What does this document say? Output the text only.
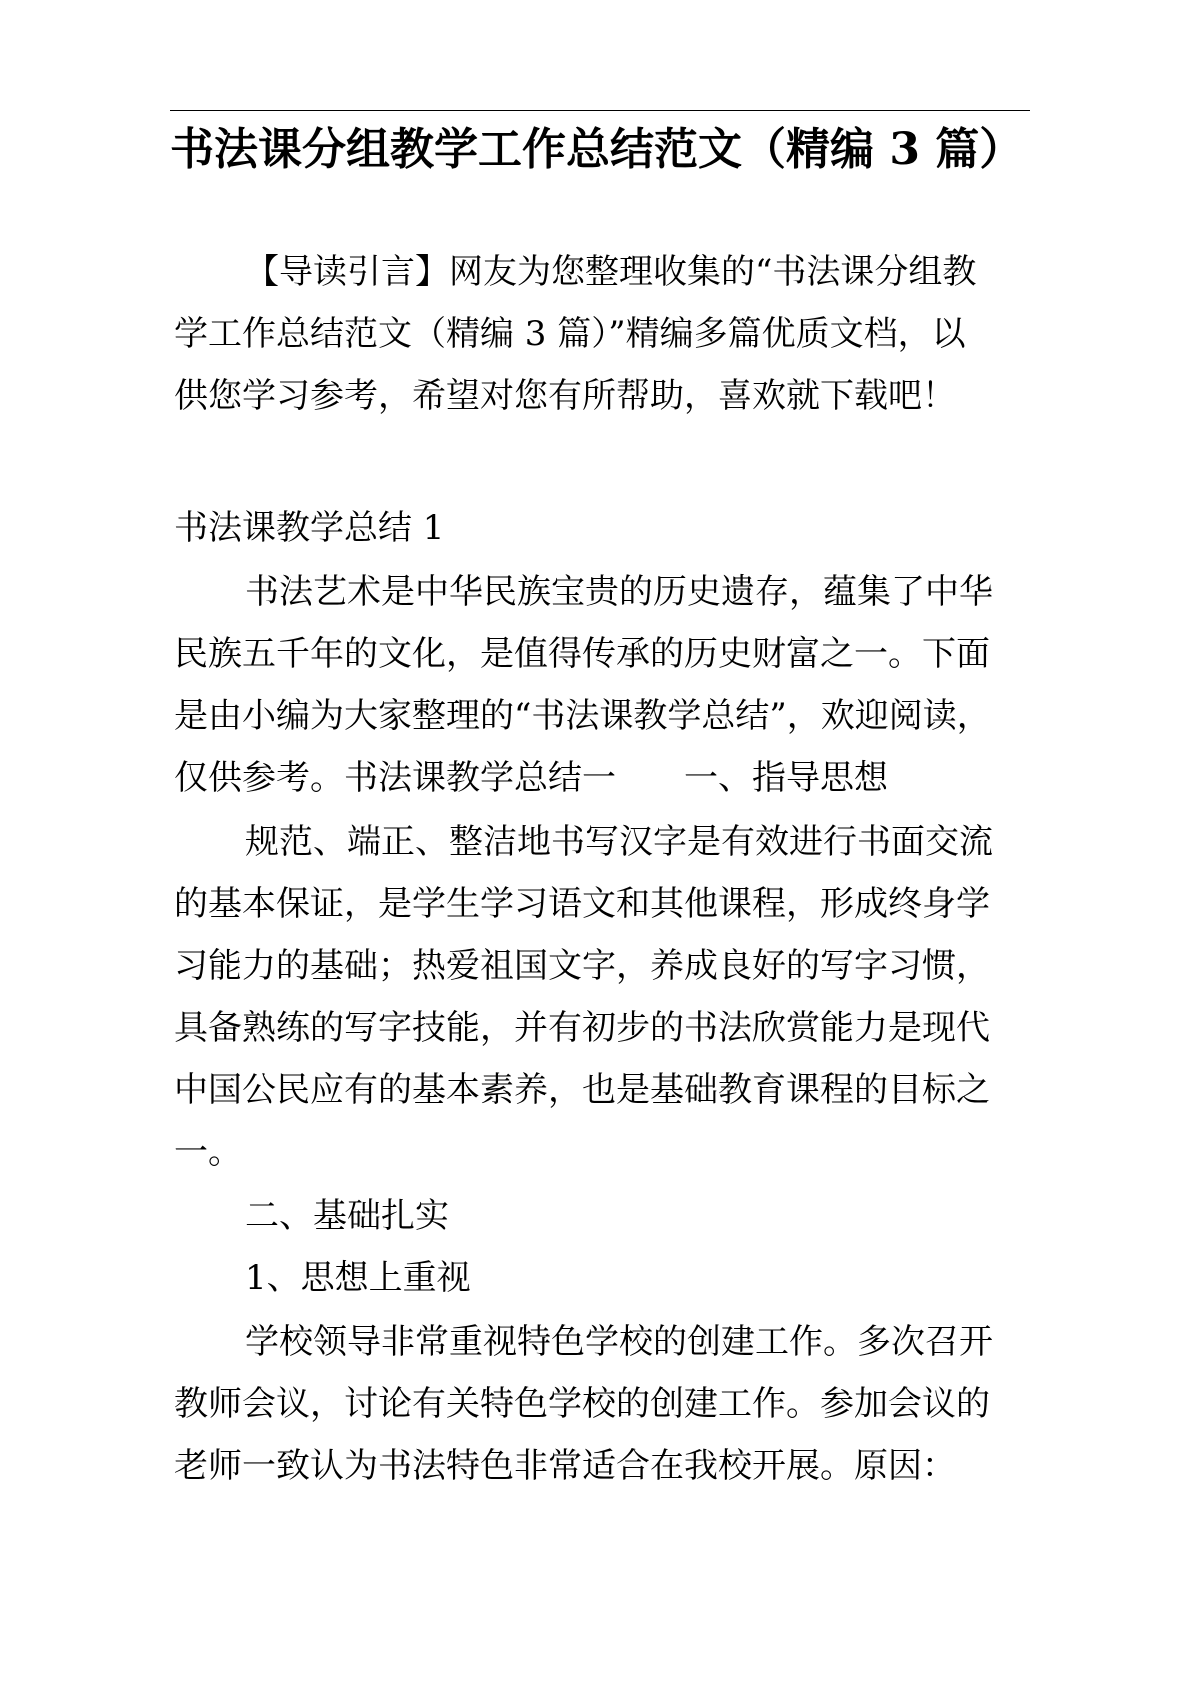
书法课分组教学工作总结范文（精编 3 篇）
【导读引言】网友为您整理收集的“书法课分组教
学工作总结范文（精编 3 篇）”精编多篇优质文档，以
供您学习参考，希望对您有所帮助，喜欢就下载吧！
书法课教学总结 1
书法艺术是中华民族宝贵的历史遗存，蕴集了中华
民族五千年的文化，是值得传承的历史财富之一。下面
是由小编为大家整理的“书法课教学总结”，欢迎阅读，
仅供参考。书法课教学总结一　　一、指导思想
规范、端正、整洁地书写汉字是有效进行书面交流
的基本保证，是学生学习语文和其他课程，形成终身学
习能力的基础；热爱祖国文字，养成良好的写字习惯，
具备熟练的写字技能，并有初步的书法欣赏能力是现代
中国公民应有的基本素养，也是基础教育课程的目标之
一。
二、基础扎实
1、思想上重视
学校领导非常重视特色学校的创建工作。多次召开
教师会议，讨论有关特色学校的创建工作。参加会议的
老师一致认为书法特色非常适合在我校开展。原因：
